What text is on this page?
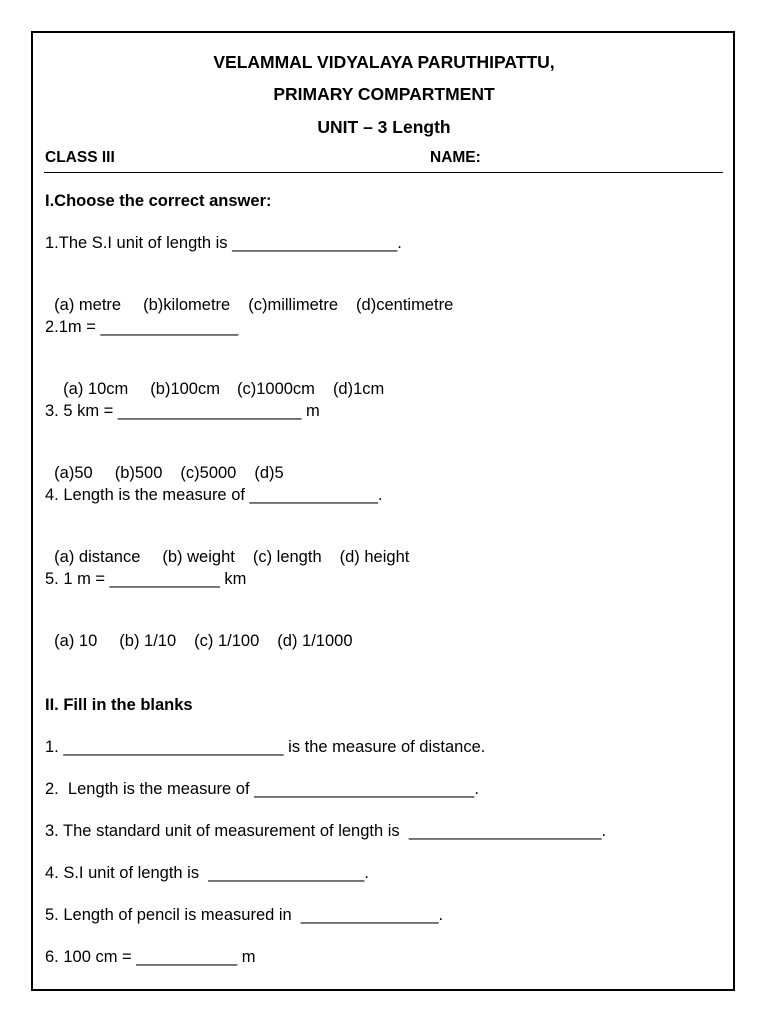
VELAMMAL VIDYALAYA PARUTHIPATTU,
PRIMARY COMPARTMENT
UNIT – 3 Length
CLASS III	NAME:
I.Choose the correct answer:
1.The S.I unit of length is __________________.

(a) metre (b)kilometre (c)millimetre (d)centimetre

2.1m = _______________

(a) 10cm (b)100cm (c)1000cm (d)1cm

3. 5 km = ____________________ m

(a)50 (b)500 (c)5000 (d)5

4. Length is the measure of ______________.

(a) distance (b) weight (c) length (d) height

5. 1 m = ____________ km

(a) 10 (b) 1/10 (c) 1/100 (d) 1/1000

II. Fill in the blanks
1. ________________________ is the measure of distance.
2.  Length is the measure of ________________________.
3. The standard unit of measurement of length is  _____________________.
4. S.I unit of length is  _________________.
5. Length of pencil is measured in  _______________.
6. 100 cm = ___________ m
